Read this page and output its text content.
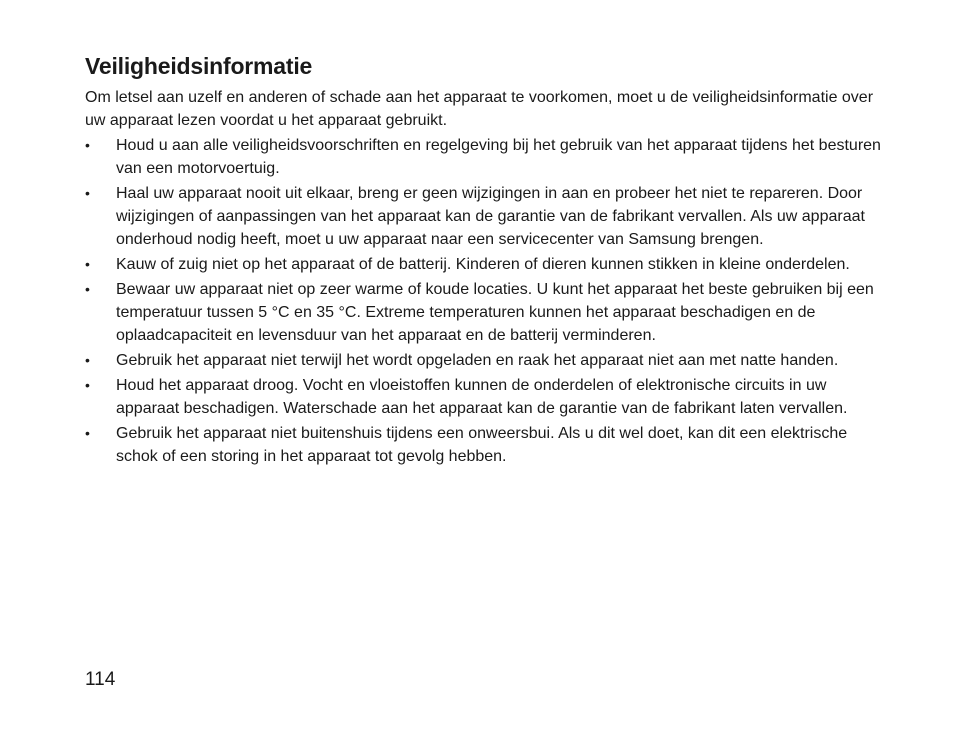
Veiligheidsinformatie

Om letsel aan uzelf en anderen of schade aan het apparaat te voorkomen, moet u de veiligheidsinformatie over uw apparaat lezen voordat u het apparaat gebruikt.

• Houd u aan alle veiligheidsvoorschriften en regelgeving bij het gebruik van het apparaat tijdens het besturen van een motorvoertuig.
• Haal uw apparaat nooit uit elkaar, breng er geen wijzigingen in aan en probeer het niet te repareren. Door wijzigingen of aanpassingen van het apparaat kan de garantie van de fabrikant vervallen. Als uw apparaat onderhoud nodig heeft, moet u uw apparaat naar een servicecenter van Samsung brengen.
• Kauw of zuig niet op het apparaat of de batterij. Kinderen of dieren kunnen stikken in kleine onderdelen.
• Bewaar uw apparaat niet op zeer warme of koude locaties. U kunt het apparaat het beste gebruiken bij een temperatuur tussen 5 °C en 35 °C. Extreme temperaturen kunnen het apparaat beschadigen en de oplaadcapaciteit en levensduur van het apparaat en de batterij verminderen.
• Gebruik het apparaat niet terwijl het wordt opgeladen en raak het apparaat niet aan met natte handen.
• Houd het apparaat droog. Vocht en vloeistoffen kunnen de onderdelen of elektronische circuits in uw apparaat beschadigen. Waterschade aan het apparaat kan de garantie van de fabrikant laten vervallen.
• Gebruik het apparaat niet buitenshuis tijdens een onweersbui. Als u dit wel doet, kan dit een elektrische schok of een storing in het apparaat tot gevolg hebben.
114
